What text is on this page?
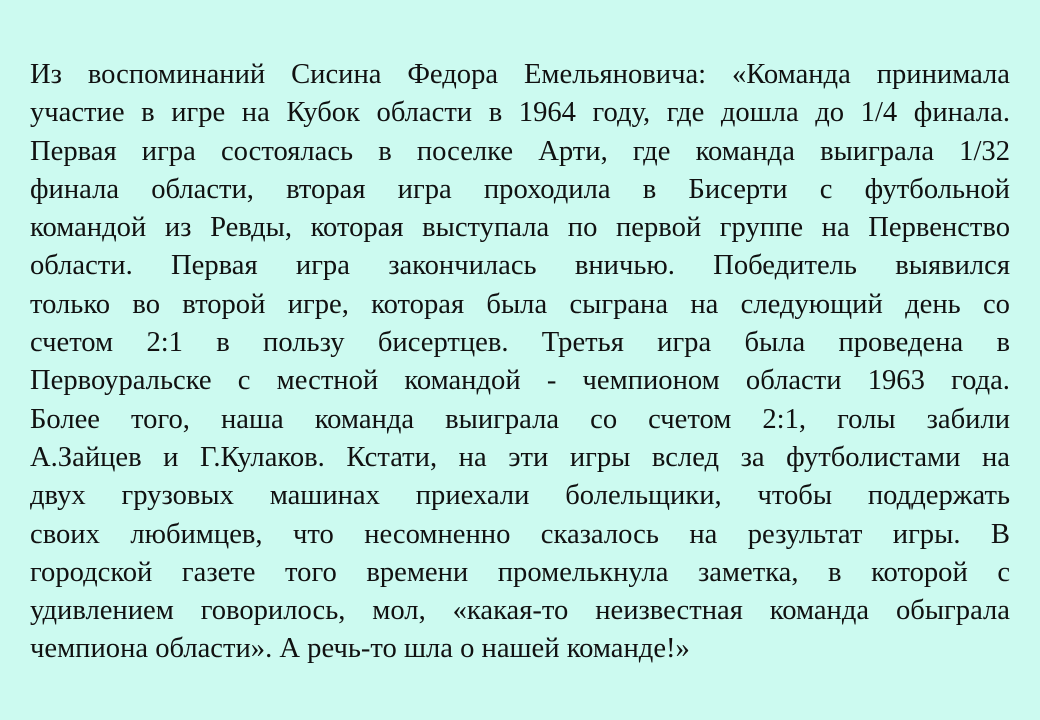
Из воспоминаний Сисина Федора Емельяновича: «Команда принимала
участие в игре на Кубок области в 1964 году, где дошла до 1/4 финала.
Первая игра состоялась в поселке Арти, где команда выиграла 1/32
финала области, вторая игра проходила в Бисерти с футбольной
командой из Ревды, которая выступала по первой группе на Первенство
области. Первая игра закончилась вничью. Победитель выявился
только во второй игре, которая была сыграна на следующий день со
счетом 2:1 в пользу бисертцев. Третья игра была проведена в
Первоуральске с местной командой - чемпионом области 1963 года.
Более того, наша команда выиграла со счетом 2:1, голы забили
А.Зайцев и Г.Кулаков. Кстати, на эти игры вслед за футболистами на
двух грузовых машинах приехали болельщики, чтобы поддержать
своих любимцев, что несомненно сказалось на результат игры. В
городской газете того времени промелькнула заметка, в которой с
удивлением говорилось, мол, «какая-то неизвестная команда обыграла
чемпиона области». А речь-то шла о нашей команде!»
